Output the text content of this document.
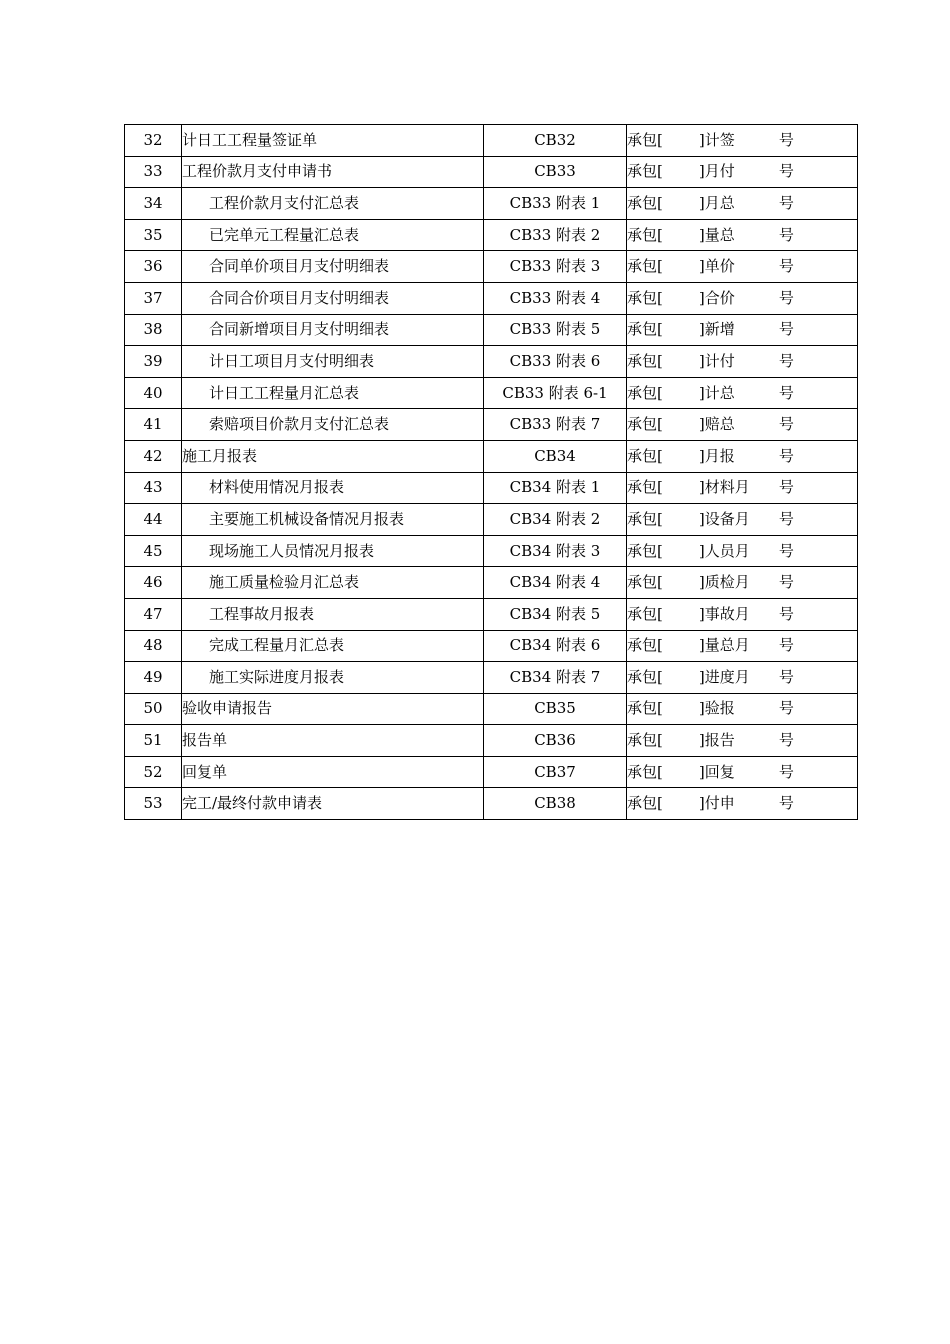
32	计日工工程量签证单	CB32	承包[ ]计签 号
33	工程价款月支付申请书	CB33	承包[ ]月付 号
34	工程价款月支付汇总表	CB33 附表 1	承包[ ]月总 号
35	已完单元工程量汇总表	CB33 附表 2	承包[ ]量总 号
36	合同单价项目月支付明细表	CB33 附表 3	承包[ ]单价 号
37	合同合价项目月支付明细表	CB33 附表 4	承包[ ]合价 号
38	合同新增项目月支付明细表	CB33 附表 5	承包[ ]新增 号
39	计日工项目月支付明细表	CB33 附表 6	承包[ ]计付 号
40	计日工工程量月汇总表	CB33 附表 6-1	承包[ ]计总 号
41	索赔项目价款月支付汇总表	CB33 附表 7	承包[ ]赔总 号
42	施工月报表	CB34	承包[ ]月报 号
43	材料使用情况月报表	CB34 附表 1	承包[ ]材料月 号
44	主要施工机械设备情况月报表	CB34 附表 2	承包[ ]设备月 号
45	现场施工人员情况月报表	CB34 附表 3	承包[ ]人员月 号
46	施工质量检验月汇总表	CB34 附表 4	承包[ ]质检月 号
47	工程事故月报表	CB34 附表 5	承包[ ]事故月 号
48	完成工程量月汇总表	CB34 附表 6	承包[ ]量总月 号
49	施工实际进度月报表	CB34 附表 7	承包[ ]进度月 号
50	验收申请报告	CB35	承包[ ]验报 号
51	报告单	CB36	承包[ ]报告 号
52	回复单	CB37	承包[ ]回复 号
53	完工/最终付款申请表	CB38	承包[ ]付申 号
